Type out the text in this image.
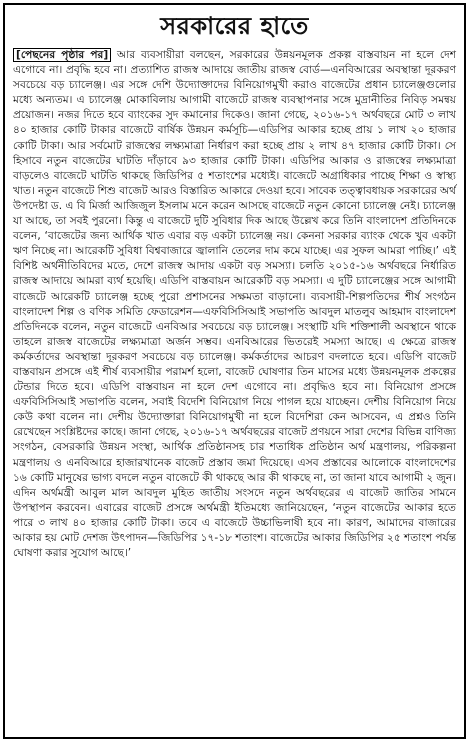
সরকারের হাতে
[পেছনের পৃষ্ঠার পর] আর ব্যবসায়ীরা বলছেন, সরকারের উন্নয়নমূলক প্রকল্প বাস্তবায়ন না হলে দেশ এগোবে না। প্রবৃদ্ধি হবে না। প্রত্যাশিত রাজস্ব আদায়ে জাতীয় রাজস্ব বোর্ড—এনবিআরের অবস্থান্তা দূরকরণ সবচেয়ে বড় চ্যালেঞ্জ। এর সঙ্গে দেশি উদ্যোক্তাদের বিনিয়োগমুখী করাও বাজেটের প্রধান চ্যালেঞ্জগুলোর মধ্যে অন্যতম। এ চ্যালেঞ্জ মোকাবিলায় আগামী বাজেটে রাজস্ব ব্যবস্থাপনার সঙ্গে মুদ্রানীতির নিবিড় সমন্বয় প্রয়োজন। নজর দিতে হবে ব্যাংকের সুদ কমানোর দিকেও। জানা গেছে, ২০১৬-১৭ অর্থবছরে মোট ৩ লাখ ৪০ হাজার কোটি টাকার বাজেটে বার্ষিক উন্নয়ন কর্মসূচি—এডিপির আকার হচ্ছে প্রায় ১ লাখ ২০ হাজার কোটি টাকা। আর সর্বমোট রাজস্বের লক্ষ্যমাত্রা নির্ধারণ করা হচ্ছে প্রায় ২ লাখ ৪৭ হাজার কোটি টাকা। সে হিসাবে নতুন বাজেটের ঘাটতি দাঁড়াবে ৯৩ হাজার কোটি টাকা। এডিপির আকার ও রাজস্বের লক্ষ্যমাত্রা বাড়লেও বাজেটে ঘাটতি থাকছে জিডিপির ৫ শতাংশের মধ্যেই। বাজেটে অগ্রাধিকার পাচ্ছে শিক্ষা ও স্বাস্থ্য খাত। নতুন বাজেটে শিশু বাজেট আরও বিস্তারিত আকারে দেওয়া হবে। সাবেক তত্ত্বাবধায়ক সরকারের অর্থ উপদেষ্টা ড. এ বি মির্জা আজিজুল ইসলাম মনে করেন আসছে বাজেটে নতুন কোনো চ্যালেঞ্জ নেই। চ্যালেঞ্জ যা আছে, তা সবই পুরনো। কিন্তু এ বাজেটে দুটি সুবিধার দিক আছে উল্লেখ করে তিনি বাংলাদেশ প্রতিদিনকে বলেন, ‘বাজেটের জন্য আর্থিক খাত এবার বড় একটা চ্যালেঞ্জ নয়। কেননা সরকার ব্যাংক থেকে খুব একটা ঋণ নিচ্ছে না। আরেকটি সুবিধা বিশ্ববাজারে জ্বালানি তেলের দাম কমে যাচ্ছে। এর সুফল আমরা পাচ্ছি।’ এই বিশিষ্ট অর্থনীতিবিদের মতে, দেশে রাজস্ব আদায় একটা বড় সমস্যা। চলতি ২০১৫-১৬ অর্থবছরে নির্ধারিত রাজস্ব আদায়ে আমরা ব্যর্থ হয়েছি। এডিপি বাস্তবায়ন আরেকটি বড় সমস্যা। এ দুটি চ্যালেঞ্জের সঙ্গে আগামী বাজেটে আরেকটি চ্যালেঞ্জ হচ্ছে পুরো প্রশাসনের সক্ষমতা বাড়ানো। ব্যবসায়ী-শিল্পপতিদের শীর্ষ সংগঠন বাংলাদেশ শিল্প ও বণিক সমিতি ফেডারেশন—এফবিসিসিআই সভাপতি আবদুল মাতলুব আহমাদ বাংলাদেশ প্রতিদিনকে বলেন, নতুন বাজেটে এনবিআর সবচেয়ে বড় চ্যালেঞ্জ। সংস্থাটি যদি শক্তিশালী অবস্থানে থাকে তাহলে রাজস্ব বাজেটের লক্ষ্যমাত্রা অর্জন সম্ভব। এনবিআরের ভিতরেই সমস্যা আছে। এ ক্ষেত্রে রাজস্ব কর্মকর্তাদের অবস্থান্তা দূরকরণ সবচেয়ে বড় চ্যালেঞ্জ। কর্মকর্তাদের আচরণ বদলাতে হবে। এডিপি বাজেট বাস্তবায়ন প্রসঙ্গে এই শীর্ষ ব্যবসায়ীর পরামর্শ হলো, বাজেট ঘোষণার তিন মাসের মধ্যে উন্নয়নমূলক প্রকল্পের টেন্ডার দিতে হবে। এডিপি বাস্তবায়ন না হলে দেশ এগোবে না। প্রবৃদ্ধিও হবে না। বিনিয়োগ প্রসঙ্গে এফবিসিসিআই সভাপতি বলেন, সবাই বিদেশি বিনিয়োগ নিয়ে পাগল হয়ে যাচ্ছেন। দেশীয় বিনিয়োগ নিয়ে কেউ কথা বলেন না। দেশীয় উদ্যোক্তারা বিনিয়োগমুখী না হলে বিদেশিরা কেন আসবেন, এ প্রশ্নও তিনি রেখেছেন সংশ্লিষ্টদের কাছে। জানা গেছে, ২০১৬-১৭ অর্থবছরের বাজেট প্রণয়নে সারা দেশের বিভিন্ন বাণিজ্য সংগঠন, বেসরকারি উন্নয়ন সংস্থা, আর্থিক প্রতিষ্ঠানসহ চার শতাধিক প্রতিষ্ঠান অর্থ মন্ত্রণালয়, পরিকল্পনা মন্ত্রণালয় ও এনবিআরে হাজারখানেক বাজেট প্রস্তাব জমা দিয়েছে। এসব প্রস্তাবের আলোকে বাংলাদেশের ১৬ কোটি মানুষের ভাগ্য বদলে নতুন বাজেটে কী থাকছে আর কী থাকছে না, তা জানা যাবে আগামী ২ জুন। এদিন অর্থমন্ত্রী আবুল মাল আবদুল মুহিত জাতীয় সংসদে নতুন অর্থবছরের এ বাজেট জাতির সামনে উপস্থাপন করবেন। এবারের বাজেট প্রসঙ্গে অর্থমন্ত্রী ইতিমধ্যে জানিয়েছেন, ‘নতুন বাজেটের আকার হতে পারে ৩ লাখ ৪০ হাজার কোটি টাকা। তবে এ বাজেটে উচ্চাভিলাষী হবে না। কারণ, আমাদের বাজারের আকার হয় মোট দেশজ উৎপাদন—জিডিপির ১৭-১৮ শতাংশ। বাজেটের আকার জিডিপির ২৫ শতাংশ পর্যন্ত ঘোষণা করার সুযোগ আছে।’
